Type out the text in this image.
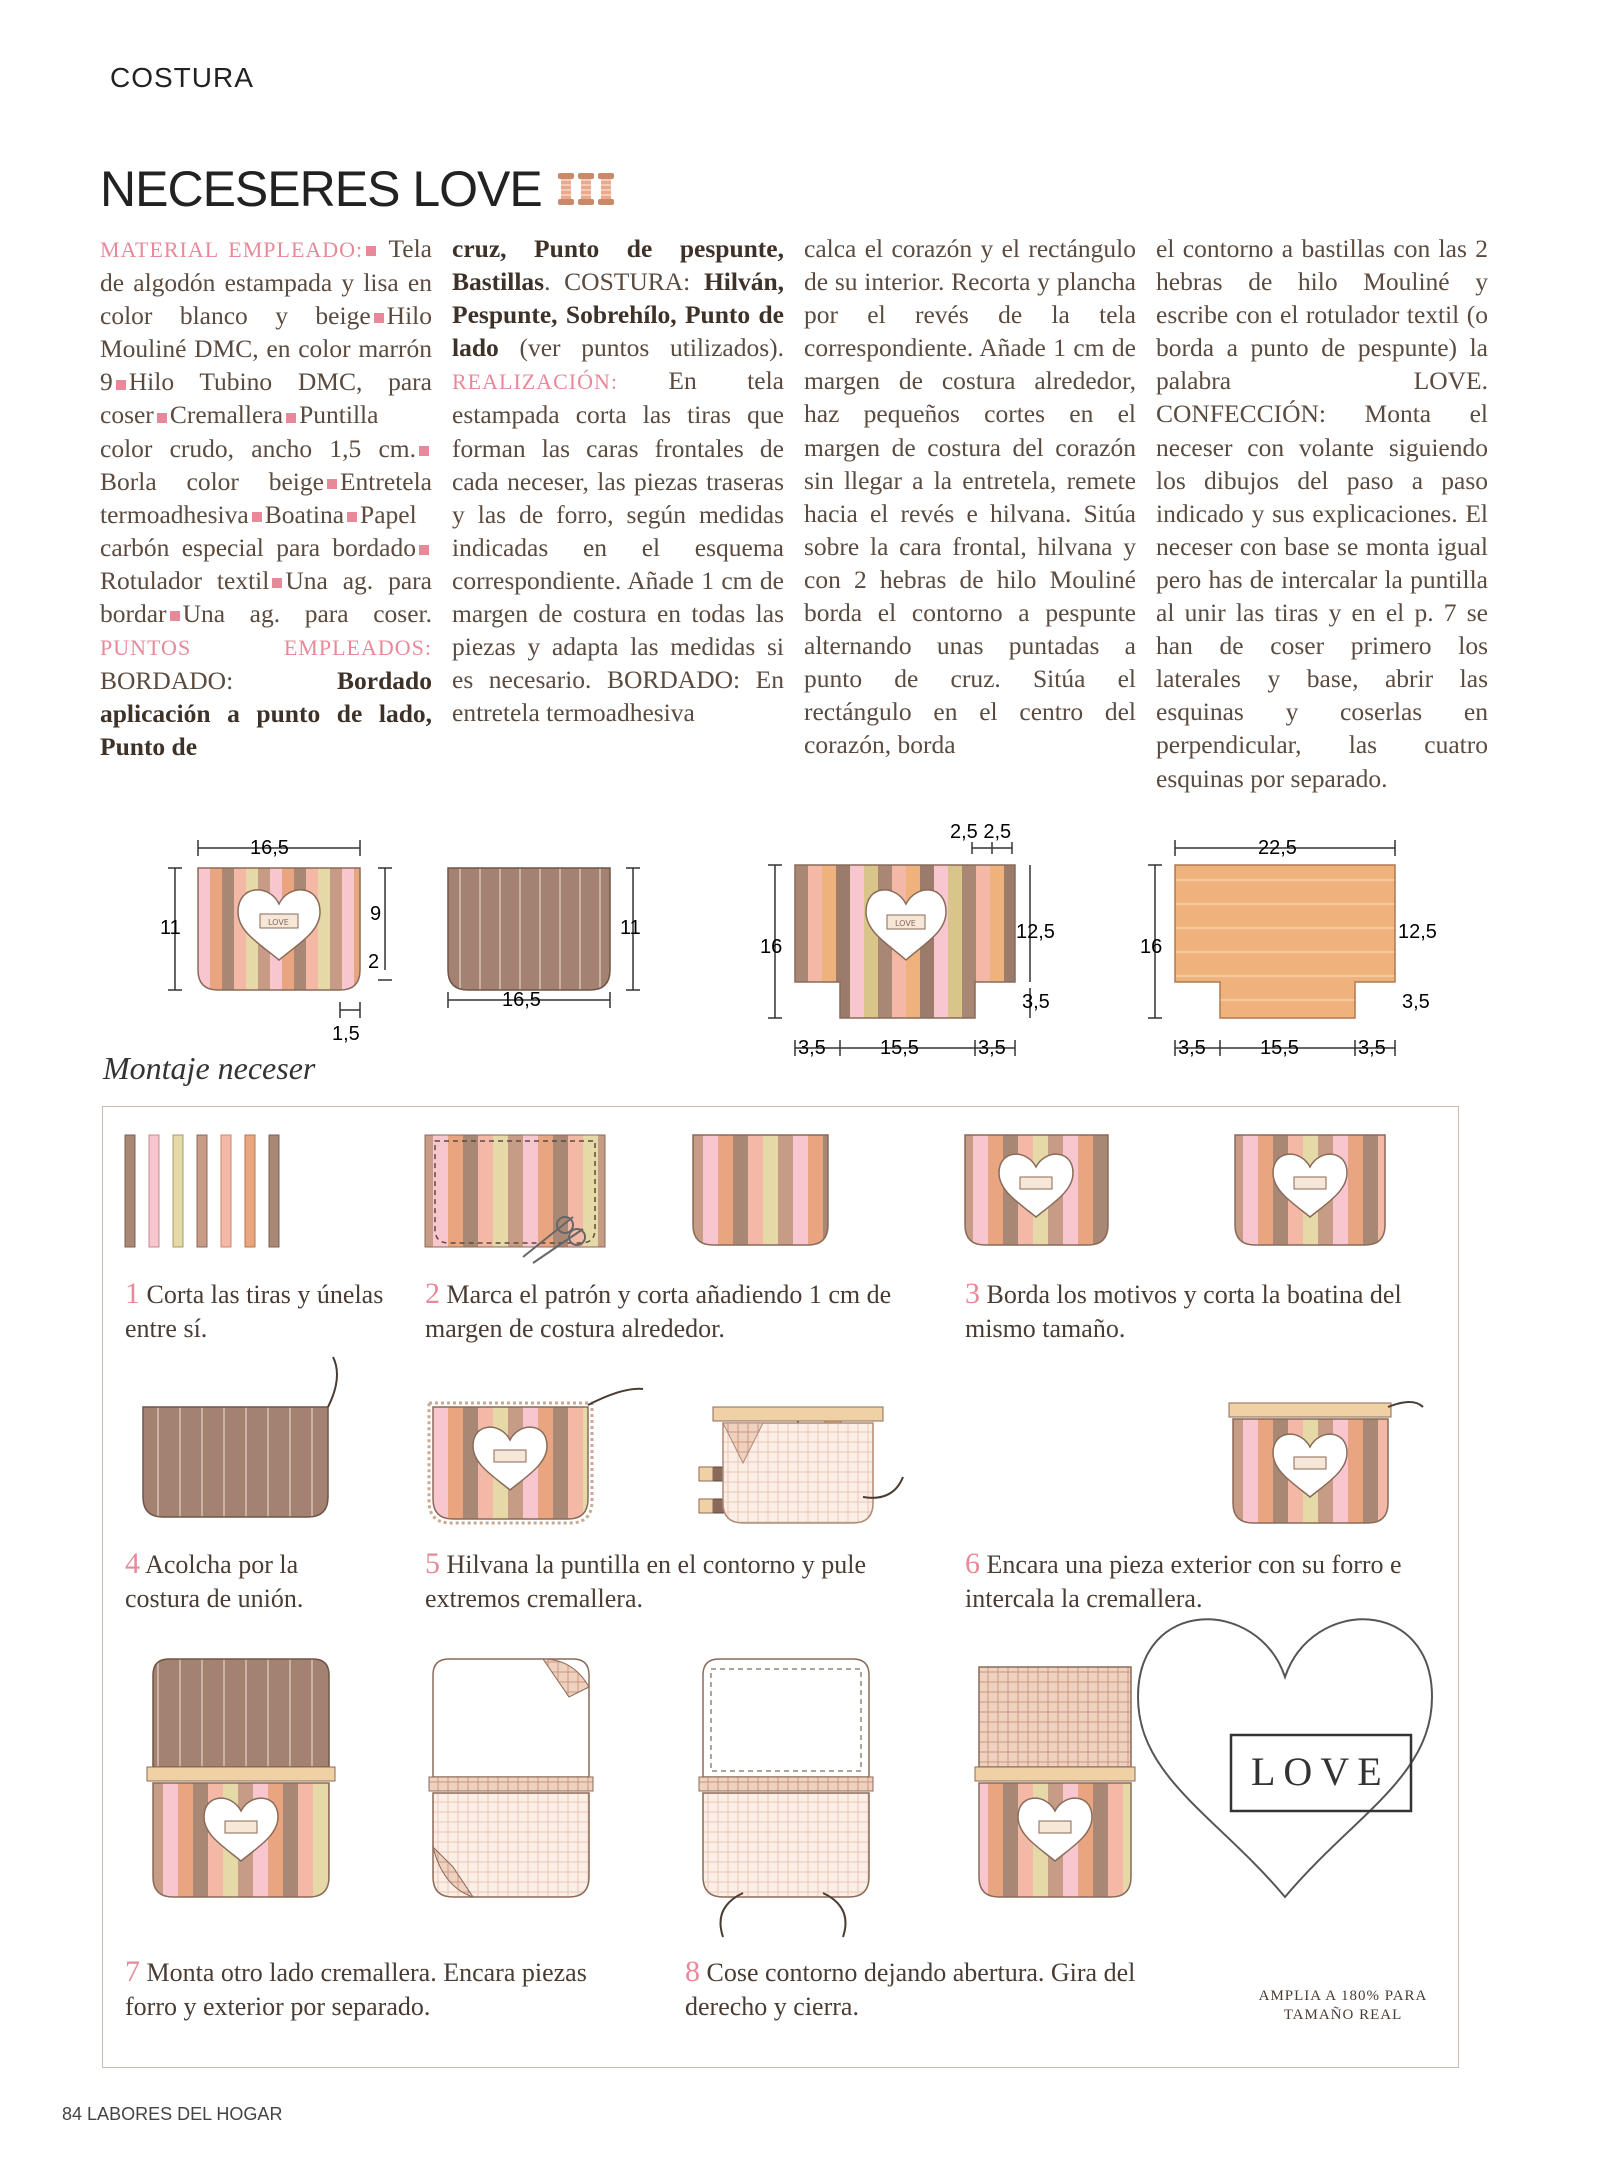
COSTURA
NECESERES LOVE
MATERIAL EMPLEADO: Tela de algodón estampada y lisa en color blanco y beige Hilo Mouliné DMC, en color marrón 9 Hilo Tubino DMC, para coser Cremallera Puntilla color crudo, ancho 1,5 cm.Borla color beige Entretela termoadhesiva Boatina Papel carbón especial para bordadoRotulador textil Una ag. para bordar Una ag. para coser. PUNTOS EMPLEADOS: BORDADO:	Bordado aplicación a punto de lado, Punto de
cruz, Punto de pespunte, Bastillas. COSTURA: Hilván, Pespunte, Sobrehílo, Punto de lado (ver puntos utilizados). REALIZACIÓN: En tela estampada corta las tiras que forman las caras frontales de cada neceser, las piezas traseras y las de forro, según medidas indicadas en el esquema correspondiente. Añade 1 cm de margen de costura en todas las piezas y adapta las medidas si es necesario. BORDADO: En entretela termoadhesiva
calca el corazón y el rectángulo de su interior. Recorta y plancha por el revés de la tela correspondiente. Añade 1 cm de margen de costura alrededor, haz pequeños cortes en el margen de costura del corazón sin llegar a la entretela, remete hacia el revés e hilvana. Sitúa sobre la cara frontal, hilvana y con 2 hebras de hilo Mouliné borda el contorno a pespunte alternando unas puntadas a punto de cruz. Sitúa el rectángulo en el centro del corazón, borda
el contorno a bastillas con las 2 hebras de hilo Mouliné y escribe con el rotulador textil (o borda a punto de pespunte) la palabra LOVE. CONFECCIÓN: Monta el neceser con volante siguiendo los dibujos del paso a paso indicado y sus explicaciones. El neceser con base se monta igual pero has de intercalar la puntilla al unir las tiras y en el p. 7 se han de coser primero los laterales y base, abrir las esquinas y coserlas en perpendicular, las cuatro esquinas por separado.
16,5
LOVE
11
9
2
1,5
11
16,5
2,5 2,5
LOVE
16
12,5
3,5
3,5	15,5	3,5
22,5
16
12,5
3,5
3,5	15,5	3,5
Montaje neceser
LOVE
1 Corta las tiras y únelas entre sí.
2 Marca el patrón y corta añadiendo 1 cm de margen de costura alrededor.
3 Borda los motivos y corta la boatina del mismo tamaño.
4 Acolcha por la costura de unión.
5 Hilvana la puntilla en el contorno y pule extremos cremallera.
6 Encara una pieza exterior con su forro e intercala la cremallera.
7 Monta otro lado cremallera. Encara piezas forro y exterior por separado.
8 Cose contorno dejando abertura. Gira del derecho y cierra.	AMPLIA A 180% PARA
TAMAÑO REAL
84 LABORES DEL HOGAR
